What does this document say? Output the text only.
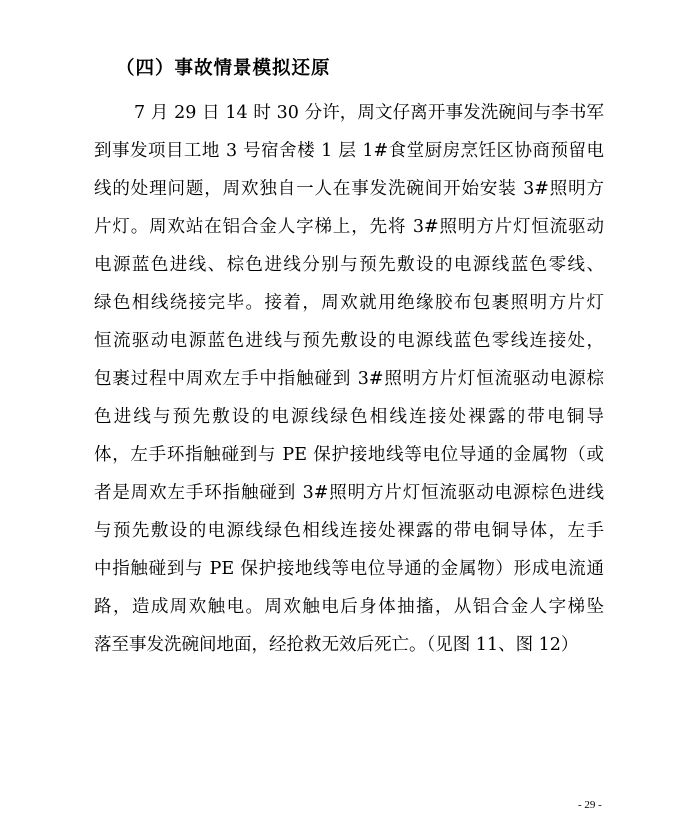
（四）事故情景模拟还原
7 月 29 日 14 时 30 分许，周文仔离开事发洗碗间与李书军
到事发项目工地 3 号宿舍楼 1 层 1#食堂厨房烹饪区协商预留电
线的处理问题，周欢独自一人在事发洗碗间开始安装 3#照明方
片灯。周欢站在铝合金人字梯上，先将 3#照明方片灯恒流驱动
电源蓝色进线、棕色进线分别与预先敷设的电源线蓝色零线、
绿色相线绕接完毕。接着，周欢就用绝缘胶布包裹照明方片灯
恒流驱动电源蓝色进线与预先敷设的电源线蓝色零线连接处，
包裹过程中周欢左手中指触碰到 3#照明方片灯恒流驱动电源棕
色进线与预先敷设的电源线绿色相线连接处裸露的带电铜导
体，左手环指触碰到与 PE 保护接地线等电位导通的金属物（或
者是周欢左手环指触碰到 3#照明方片灯恒流驱动电源棕色进线
与预先敷设的电源线绿色相线连接处裸露的带电铜导体，左手
中指触碰到与 PE 保护接地线等电位导通的金属物）形成电流通
路，造成周欢触电。周欢触电后身体抽搐，从铝合金人字梯坠
落至事发洗碗间地面，经抢救无效后死亡。（见图 11、图 12）
- 29 -
